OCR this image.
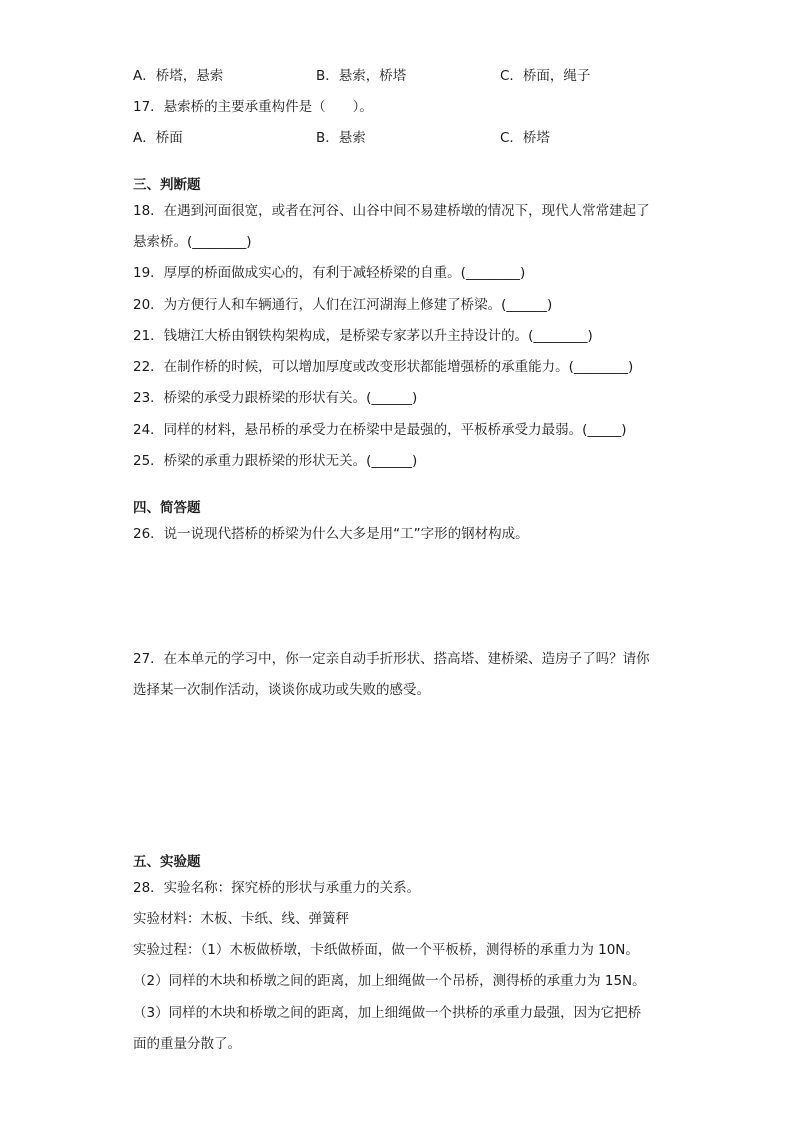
A．桥塔，悬索	B．悬索，桥塔	C．桥面，绳子
17．悬索桥的主要承重构件是（　　）。
A．桥面	B．悬索	C．桥塔
三、判断题
18．在遇到河面很宽，或者在河谷、山谷中间不易建桥墩的情况下，现代人常常建起了
悬索桥。(________)
19．厚厚的桥面做成实心的，有利于减轻桥梁的自重。(________)
20．为方便行人和车辆通行，人们在江河湖海上修建了桥梁。(______)
21．钱塘江大桥由钢铁构架构成，是桥梁专家茅以升主持设计的。(________)
22．在制作桥的时候，可以增加厚度或改变形状都能增强桥的承重能力。(________)
23．桥梁的承受力跟桥梁的形状有关。(______)
24．同样的材料，悬吊桥的承受力在桥梁中是最强的，平板桥承受力最弱。(_____)
25．桥梁的承重力跟桥梁的形状无关。(______)
四、简答题
26．说一说现代搭桥的桥梁为什么大多是用“工”字形的钢材构成。
27．在本单元的学习中，你一定亲自动手折形状、搭高塔、建桥梁、造房子了吗？请你
选择某一次制作活动，谈谈你成功或失败的感受。
五、实验题
28．实验名称：探究桥的形状与承重力的关系。
实验材料：木板、卡纸、线、弹簧秤
实验过程：（1）木板做桥墩，卡纸做桥面，做一个平板桥，测得桥的承重力为 10N。
（2）同样的木块和桥墩之间的距离，加上细绳做一个吊桥，测得桥的承重力为 15N。
（3）同样的木块和桥墩之间的距离，加上细绳做一个拱桥的承重力最强，因为它把桥
面的重量分散了。
